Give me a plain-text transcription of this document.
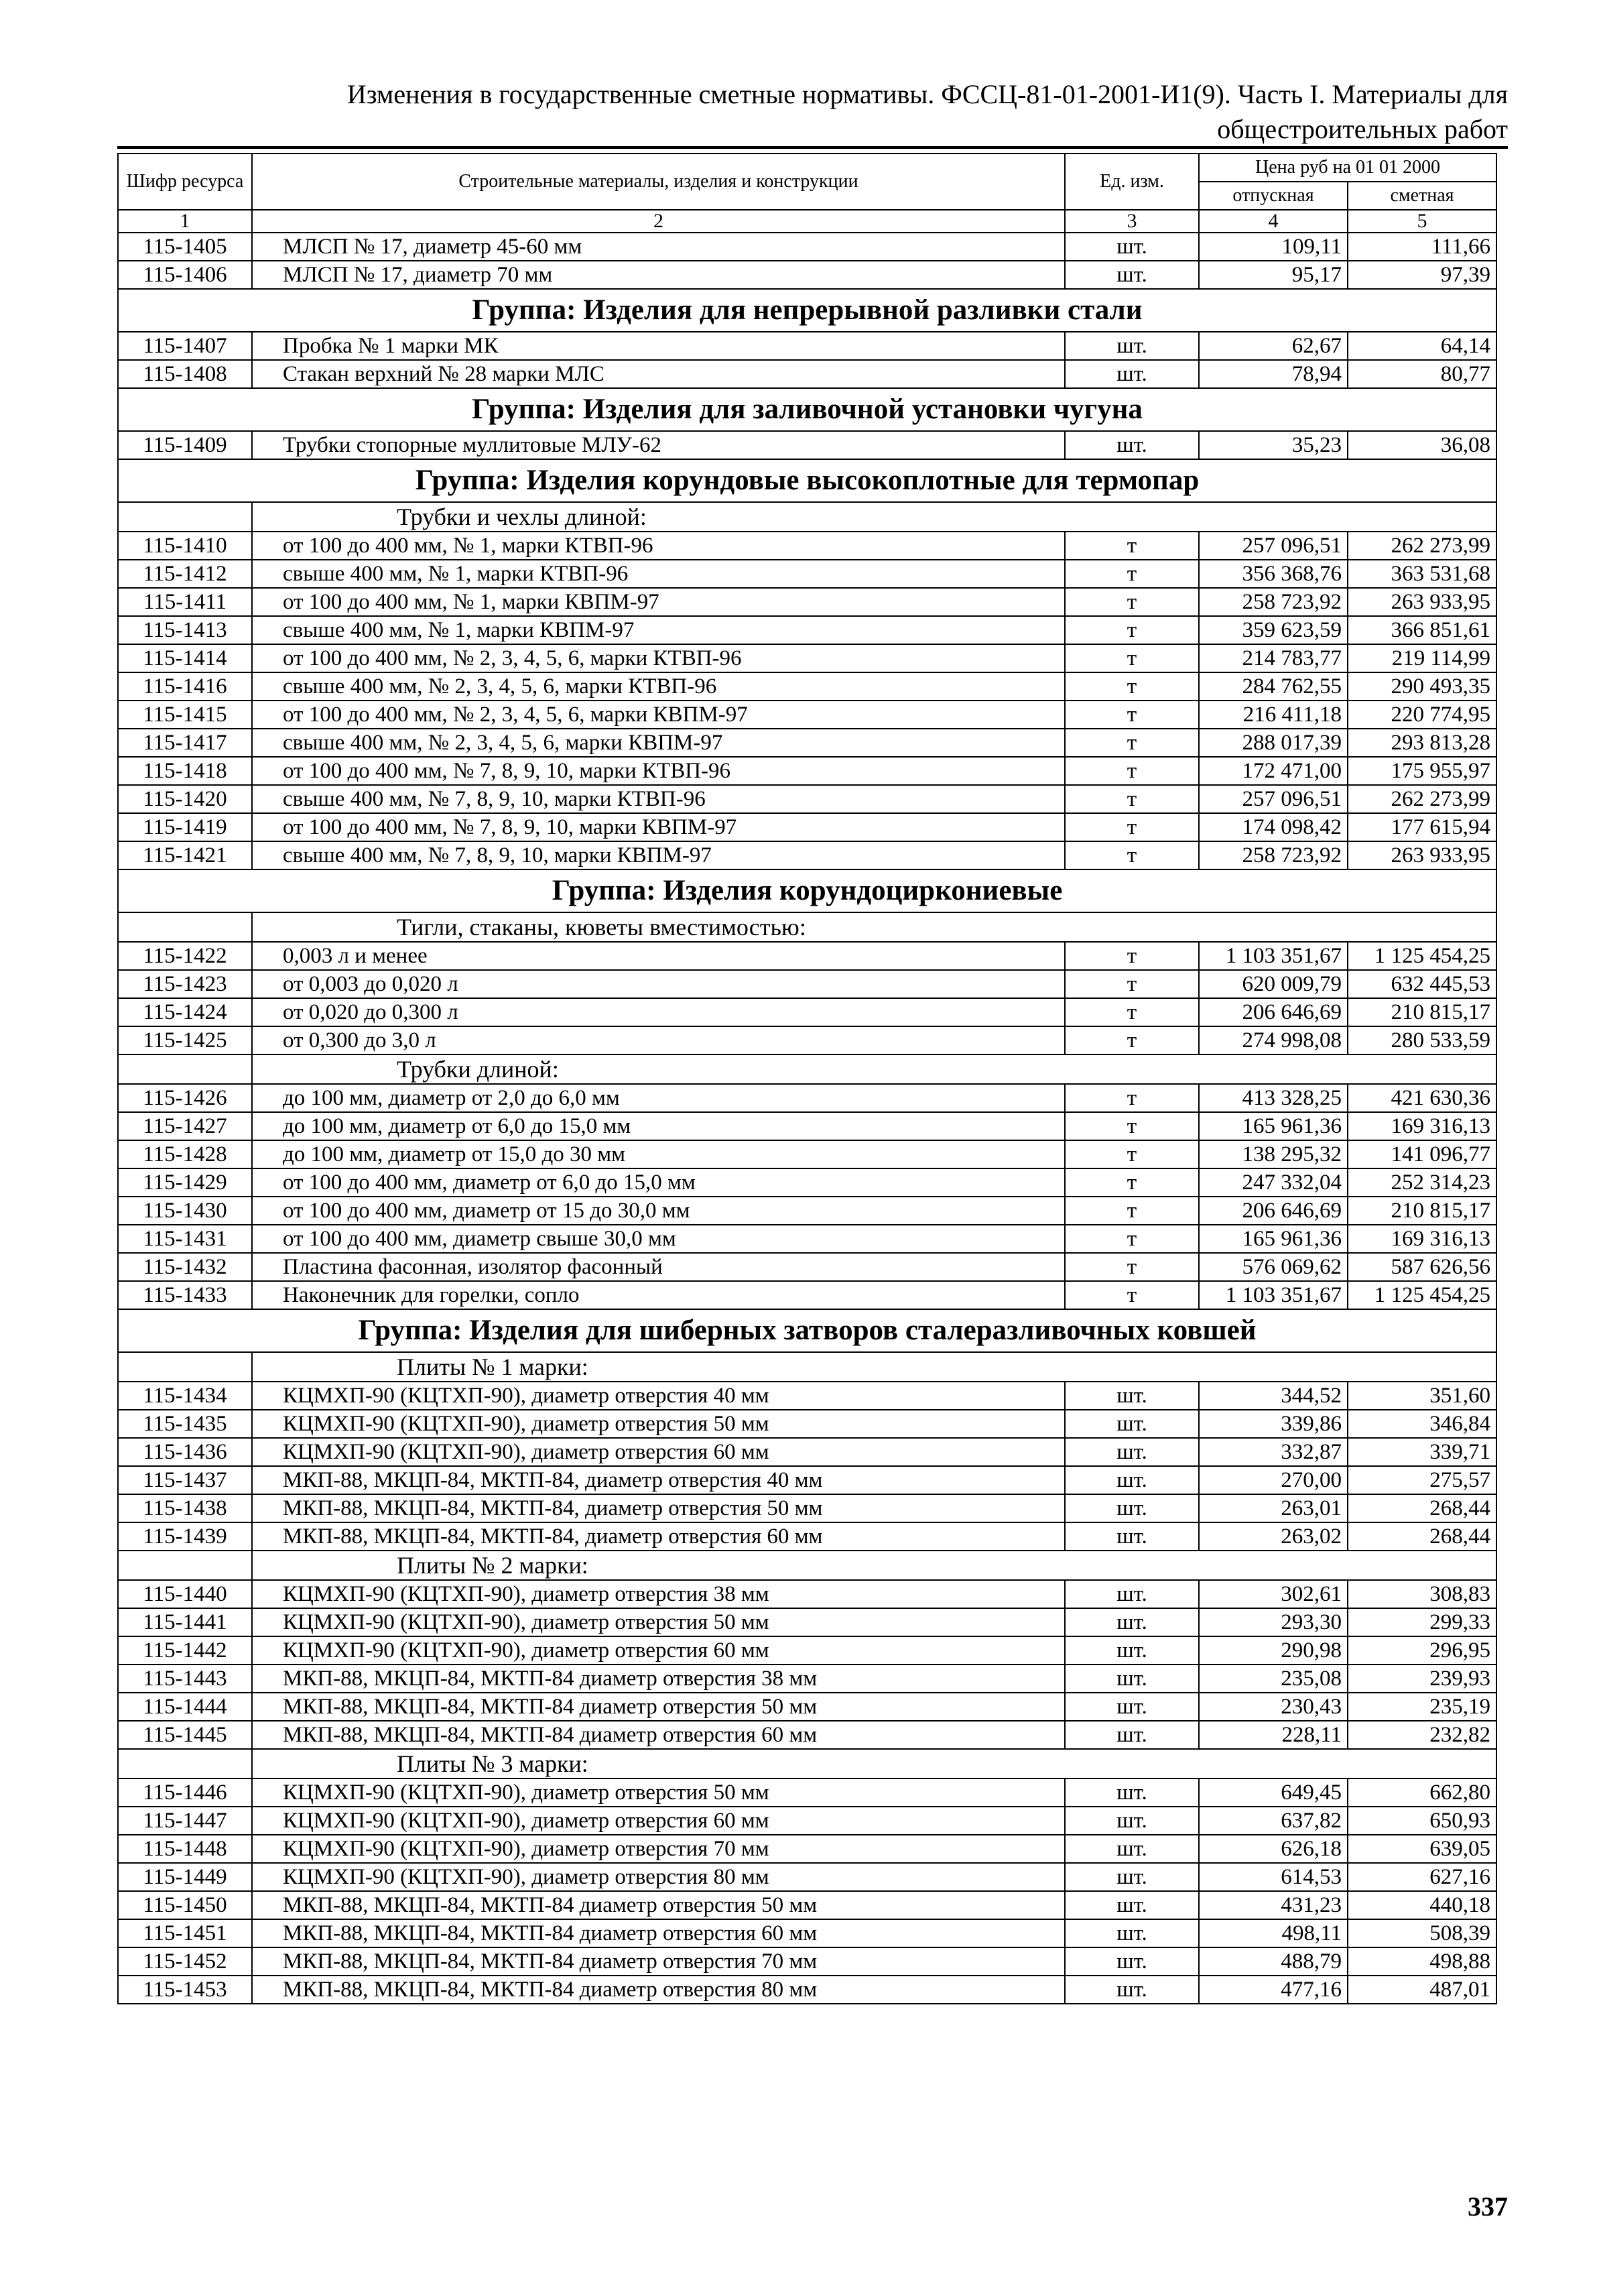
Изменения в государственные сметные нормативы. ФССЦ-81-01-2001-И1(9). Часть I. Материалы для
общестроительных работ
Шифр ресурса	Строительные материалы, изделия и конструкции	Ед. изм.	Цена руб на 01 01 2000	
			отпускная	сметная
1	2	3	4	5
115-1405	МЛСП № 17, диаметр 45-60 мм	шт.	109,11	111,66
115-1406	МЛСП № 17, диаметр 70 мм	шт.	95,17	97,39
Группа: Изделия для непрерывной разливки стали				
115-1407	Пробка № 1 марки МК	шт.	62,67	64,14
115-1408	Стакан верхний № 28 марки МЛС	шт.	78,94	80,77
Группа: Изделия для заливочной установки чугуна				
115-1409	Трубки стопорные муллитовые МЛУ-62	шт.	35,23	36,08
Группа: Изделия корундовые высокоплотные для термопар				
	Трубки и чехлы длиной:			
115-1410	от 100 до 400 мм, № 1, марки КТВП-96	т	257 096,51	262 273,99
115-1412	свыше 400 мм, № 1, марки КТВП-96	т	356 368,76	363 531,68
115-1411	от 100 до 400 мм, № 1, марки КВПМ-97	т	258 723,92	263 933,95
115-1413	свыше 400 мм, № 1, марки КВПМ-97	т	359 623,59	366 851,61
115-1414	от 100 до 400 мм, № 2, 3, 4, 5, 6, марки КТВП-96	т	214 783,77	219 114,99
115-1416	свыше 400 мм, № 2, 3, 4, 5, 6, марки КТВП-96	т	284 762,55	290 493,35
115-1415	от 100 до 400 мм, № 2, 3, 4, 5, 6, марки КВПМ-97	т	216 411,18	220 774,95
115-1417	свыше 400 мм, № 2, 3, 4, 5, 6, марки КВПМ-97	т	288 017,39	293 813,28
115-1418	от 100 до 400 мм, № 7, 8, 9, 10, марки КТВП-96	т	172 471,00	175 955,97
115-1420	свыше 400 мм, № 7, 8, 9, 10, марки КТВП-96	т	257 096,51	262 273,99
115-1419	от 100 до 400 мм, № 7, 8, 9, 10, марки КВПМ-97	т	174 098,42	177 615,94
115-1421	свыше 400 мм, № 7, 8, 9, 10, марки КВПМ-97	т	258 723,92	263 933,95
Группа: Изделия корундоциркониевые				
	Тигли, стаканы, кюветы вместимостью:			
115-1422	0,003 л и менее	т	1 103 351,67	1 125 454,25
115-1423	от 0,003 до 0,020 л	т	620 009,79	632 445,53
115-1424	от 0,020 до 0,300 л	т	206 646,69	210 815,17
115-1425	от 0,300 до 3,0 л	т	274 998,08	280 533,59
	Трубки длиной:			
115-1426	до 100 мм, диаметр от 2,0 до 6,0 мм	т	413 328,25	421 630,36
115-1427	до 100 мм, диаметр от 6,0 до 15,0 мм	т	165 961,36	169 316,13
115-1428	до 100 мм, диаметр от 15,0 до 30 мм	т	138 295,32	141 096,77
115-1429	от 100 до 400 мм, диаметр от 6,0 до 15,0 мм	т	247 332,04	252 314,23
115-1430	от 100 до 400 мм, диаметр от 15 до 30,0 мм	т	206 646,69	210 815,17
115-1431	от 100 до 400 мм, диаметр свыше 30,0 мм	т	165 961,36	169 316,13
115-1432	Пластина фасонная, изолятор фасонный	т	576 069,62	587 626,56
115-1433	Наконечник для горелки, сопло	т	1 103 351,67	1 125 454,25
Группа: Изделия для шиберных затворов сталеразливочных ковшей				
	Плиты № 1 марки:			
115-1434	КЦМХП-90 (КЦТХП-90), диаметр отверстия 40 мм	шт.	344,52	351,60
115-1435	КЦМХП-90 (КЦТХП-90), диаметр отверстия 50 мм	шт.	339,86	346,84
115-1436	КЦМХП-90 (КЦТХП-90), диаметр отверстия 60 мм	шт.	332,87	339,71
115-1437	МКП-88, МКЦП-84, МКТП-84, диаметр отверстия 40 мм	шт.	270,00	275,57
115-1438	МКП-88, МКЦП-84, МКТП-84, диаметр отверстия 50 мм	шт.	263,01	268,44
115-1439	МКП-88, МКЦП-84, МКТП-84, диаметр отверстия 60 мм	шт.	263,02	268,44
	Плиты № 2 марки:			
115-1440	КЦМХП-90 (КЦТХП-90), диаметр отверстия 38 мм	шт.	302,61	308,83
115-1441	КЦМХП-90 (КЦТХП-90), диаметр отверстия 50 мм	шт.	293,30	299,33
115-1442	КЦМХП-90 (КЦТХП-90), диаметр отверстия 60 мм	шт.	290,98	296,95
115-1443	МКП-88, МКЦП-84, МКТП-84 диаметр отверстия 38 мм	шт.	235,08	239,93
115-1444	МКП-88, МКЦП-84, МКТП-84 диаметр отверстия 50 мм	шт.	230,43	235,19
115-1445	МКП-88, МКЦП-84, МКТП-84 диаметр отверстия 60 мм	шт.	228,11	232,82
	Плиты № 3 марки:			
115-1446	КЦМХП-90 (КЦТХП-90), диаметр отверстия 50 мм	шт.	649,45	662,80
115-1447	КЦМХП-90 (КЦТХП-90), диаметр отверстия 60 мм	шт.	637,82	650,93
115-1448	КЦМХП-90 (КЦТХП-90), диаметр отверстия 70 мм	шт.	626,18	639,05
115-1449	КЦМХП-90 (КЦТХП-90), диаметр отверстия 80 мм	шт.	614,53	627,16
115-1450	МКП-88, МКЦП-84, МКТП-84 диаметр отверстия 50 мм	шт.	431,23	440,18
115-1451	МКП-88, МКЦП-84, МКТП-84 диаметр отверстия 60 мм	шт.	498,11	508,39
115-1452	МКП-88, МКЦП-84, МКТП-84 диаметр отверстия 70 мм	шт.	488,79	498,88
115-1453	МКП-88, МКЦП-84, МКТП-84 диаметр отверстия 80 мм	шт.	477,16	487,01
337
